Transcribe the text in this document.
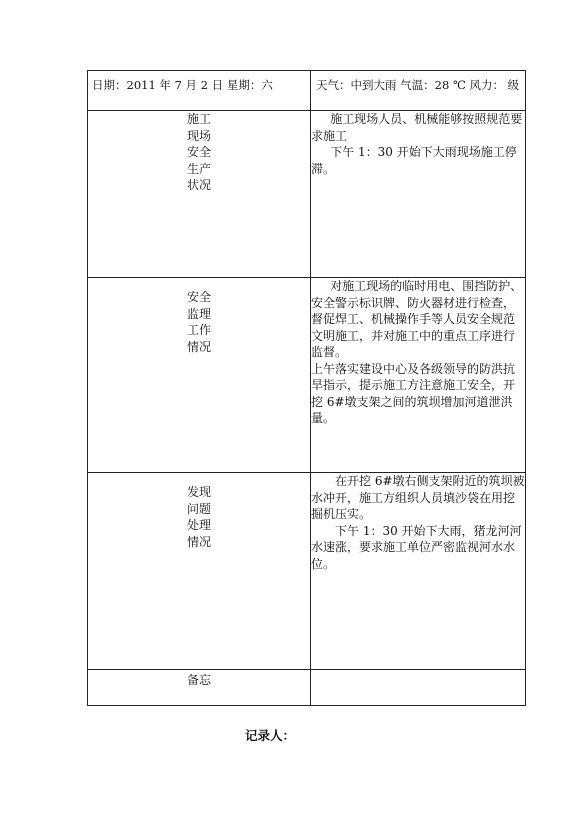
日期：2011 年 7 月 2 日 星期：六	天气：中到大雨 气温：28 ℃ 风力： 级

施工现场安全生产状况	施工现场人员、机械能够按照规范要求施工

下午 1：30 开始下大雨现场施工停滞。

安全监理工作情况	对施工现场的临时用电、围挡防护、安全警示标识牌、防火器材进行检查，督促焊工、机械操作手等人员安全规范文明施工，并对施工中的重点工序进行监督。

上午落实建设中心及各级领导的防洪抗旱指示，提示施工方注意施工安全，开挖 6#墩支架之间的筑坝增加河道泄洪量。

发现问题处理情况	在开挖 6#墩右侧支架附近的筑坝被水冲开，施工方组织人员填沙袋在用挖掘机压实。

下午 1：30 开始下大雨，猪龙河河水速涨，要求施工单位严密监视河水水位。

备忘	

记录人：
